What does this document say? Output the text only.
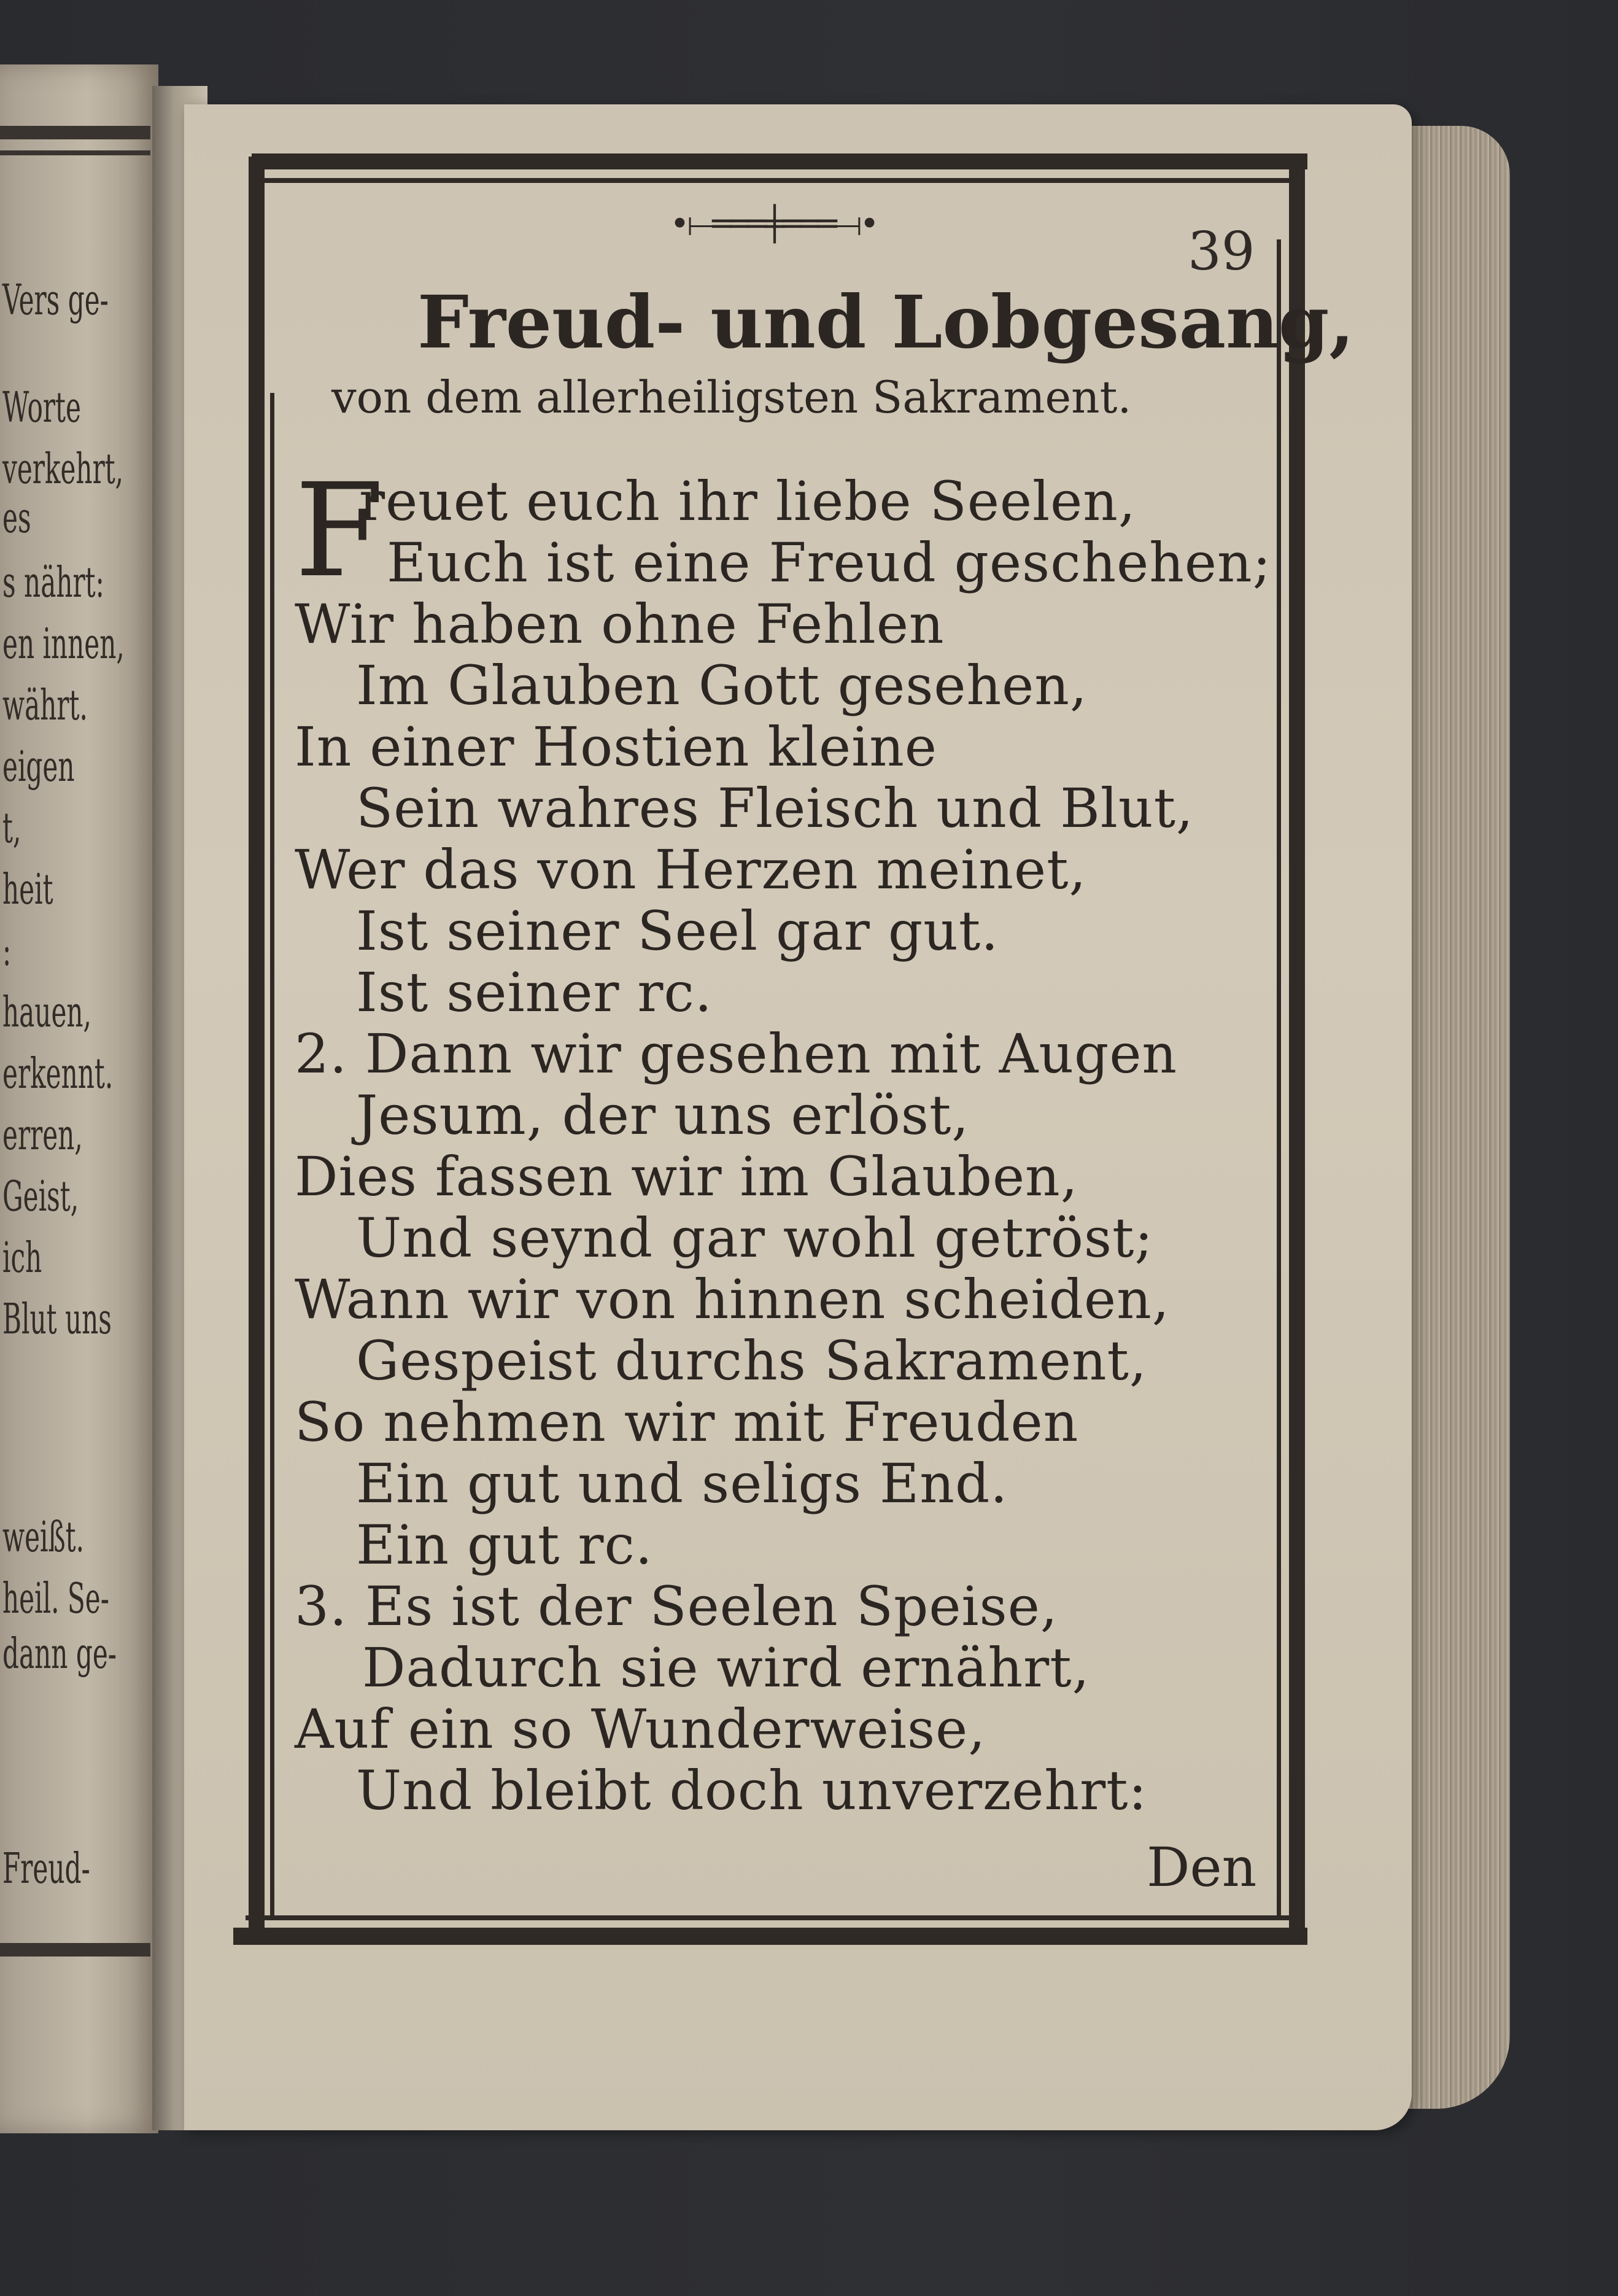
Vers ge-
Worte
verkehrt,
es
s nährt:
en innen,
währt.
eigen
t,
heit
:
hauen,
erkennt.
erren,
Geist,
ich
Blut uns
weißt.
heil. Se-
dann ge-
Freud-
•⟝═══╪═══⟞•	39
Freud- und Lobgesang,
von dem allerheiligsten Sakrament.
F
reuet euch ihr liebe Seelen,
Euch ist eine Freud geschehen;
Wir haben ohne Fehlen
Im Glauben Gott gesehen,
In einer Hostien kleine
Sein wahres Fleisch und Blut,
Wer das von Herzen meinet,
Ist seiner Seel gar gut.
Ist seiner rc.
2. Dann wir gesehen mit Augen
Jesum, der uns erlöst,
Dies fassen wir im Glauben,
Und seynd gar wohl getröst;
Wann wir von hinnen scheiden,
Gespeist durchs Sakrament,
So nehmen wir mit Freuden
Ein gut und seligs End.
Ein gut rc.
3. Es ist der Seelen Speise,
Dadurch sie wird ernährt,
Auf ein so Wunderweise,
Und bleibt doch unverzehrt:
Den
